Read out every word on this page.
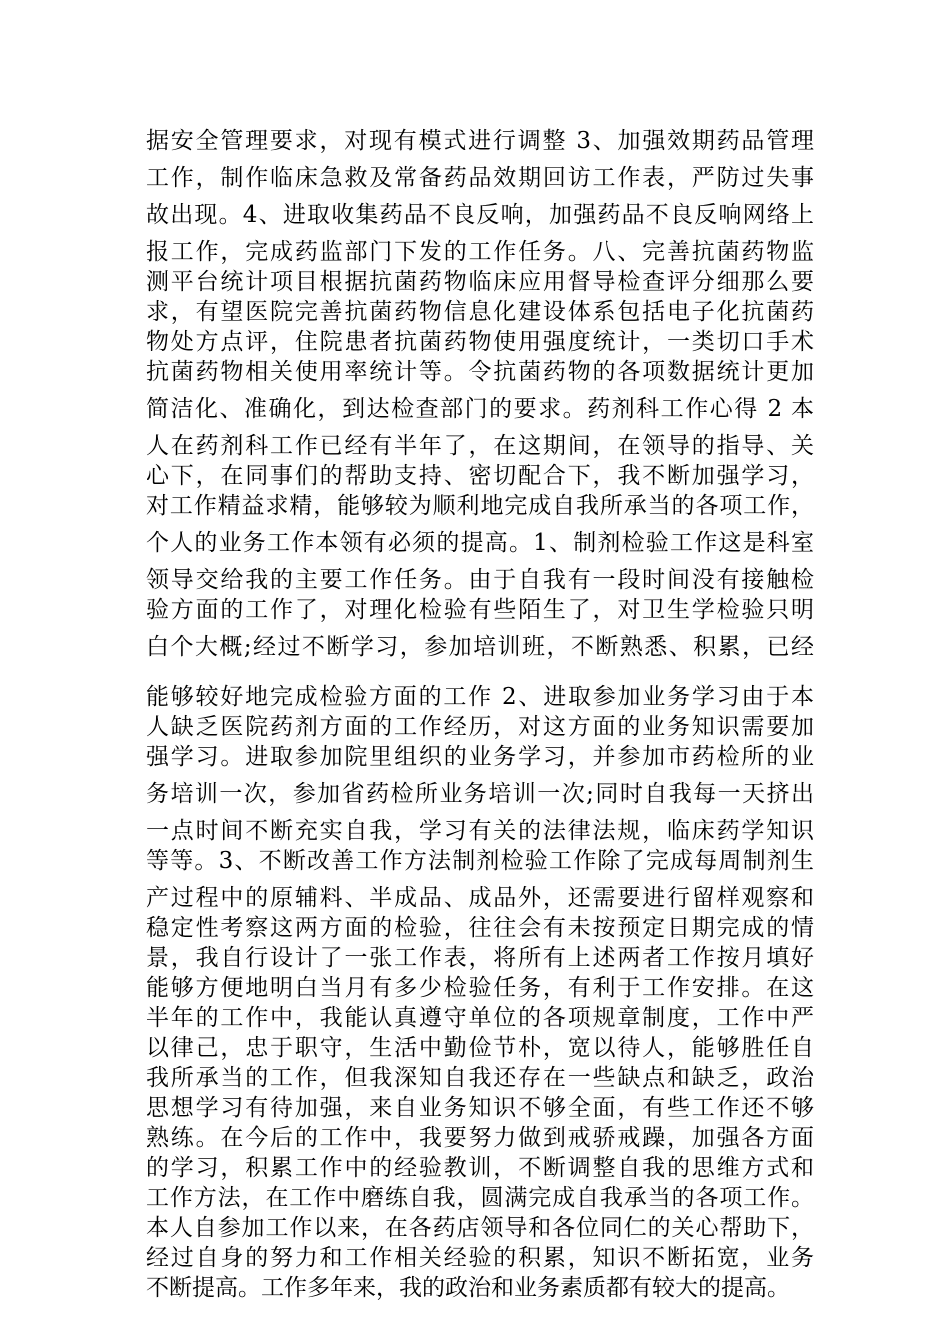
据安全管理要求，对现有模式进行调整 3、加强效期药品管理
工作，制作临床急救及常备药品效期回访工作表，严防过失事
故出现。4、进取收集药品不良反响，加强药品不良反响网络上
报工作，完成药监部门下发的工作任务。八、完善抗菌药物监
测平台统计项目根据抗菌药物临床应用督导检查评分细那么要
求，有望医院完善抗菌药物信息化建设体系包括电子化抗菌药
物处方点评，住院患者抗菌药物使用强度统计，一类切口手术
抗菌药物相关使用率统计等。令抗菌药物的各项数据统计更加
简洁化、准确化，到达检查部门的要求。药剂科工作心得 2 本
人在药剂科工作已经有半年了，在这期间，在领导的指导、关
心下，在同事们的帮助支持、密切配合下，我不断加强学习，
对工作精益求精，能够较为顺利地完成自我所承当的各项工作，
个人的业务工作本领有必须的提高。1、制剂检验工作这是科室
领导交给我的主要工作任务。由于自我有一段时间没有接触检
验方面的工作了，对理化检验有些陌生了，对卫生学检验只明
白个大概;经过不断学习，参加培训班，不断熟悉、积累，已经
能够较好地完成检验方面的工作 2、进取参加业务学习由于本
人缺乏医院药剂方面的工作经历，对这方面的业务知识需要加
强学习。进取参加院里组织的业务学习，并参加市药检所的业
务培训一次，参加省药检所业务培训一次;同时自我每一天挤出
一点时间不断充实自我，学习有关的法律法规，临床药学知识
等等。3、不断改善工作方法制剂检验工作除了完成每周制剂生
产过程中的原辅料、半成品、成品外，还需要进行留样观察和
稳定性考察这两方面的检验，往往会有未按预定日期完成的情
景，我自行设计了一张工作表，将所有上述两者工作按月填好
能够方便地明白当月有多少检验任务，有利于工作安排。在这
半年的工作中，我能认真遵守单位的各项规章制度，工作中严
以律己，忠于职守，生活中勤俭节朴，宽以待人，能够胜任自
我所承当的工作，但我深知自我还存在一些缺点和缺乏，政治
思想学习有待加强，来自业务知识不够全面，有些工作还不够
熟练。在今后的工作中，我要努力做到戒骄戒躁，加强各方面
的学习，积累工作中的经验教训，不断调整自我的思维方式和
工作方法，在工作中磨练自我，圆满完成自我承当的各项工作。
本人自参加工作以来，在各药店领导和各位同仁的关心帮助下，
经过自身的努力和工作相关经验的积累，知识不断拓宽，业务
不断提高。工作多年来，我的政治和业务素质都有较大的提高。
